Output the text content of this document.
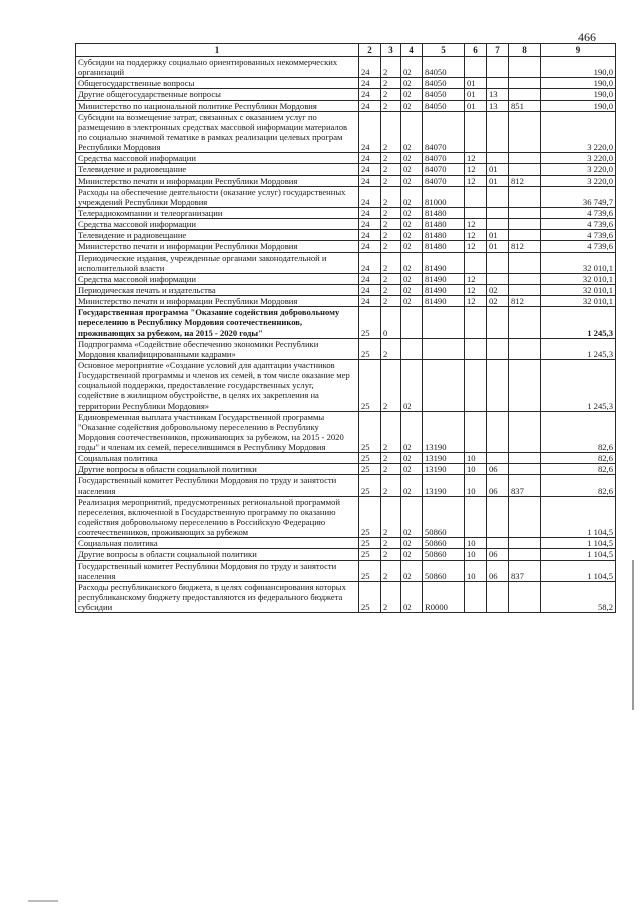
466
1	2	3	4	5	6	7	8	9
Субсидии на поддержку социально ориентированных некоммерческих организаций	24	2	02	84050				190,0
Общегосударственные вопросы	24	2	02	84050	01			190,0
Другие общегосударственные вопросы	24	2	02	84050	01	13		190,0
Министерство по национальной политике Республики Мордовия	24	2	02	84050	01	13	851	190,0
Субсидии на возмещение затрат, связанных с оказанием услуг по размещению в электронных средствах массовой информации материалов по социально значимой тематике в рамках реализации целевых програм Республики Мордовия	24	2	02	84070				3 220,0
Средства массовой информации	24	2	02	84070	12			3 220,0
Телевидение и радиовещание	24	2	02	84070	12	01		3 220,0
Министерство печати и информации Республики Мордовия	24	2	02	84070	12	01	812	3 220,0
Расходы на обеспечение деятельности (оказание услуг) государственных учреждений Республики Мордовия	24	2	02	81000				36 749,7
Телерадиокомпании и телеорганизации	24	2	02	81480				4 739,6
Средства массовой информации	24	2	02	81480	12			4 739,6
Телевидение и радиовещание	24	2	02	81480	12	01		4 739,6
Министерство печати и информации Республики Мордовия	24	2	02	81480	12	01	812	4 739,6
Периодические издания, учрежденные органами законодательной и исполнительной власти	24	2	02	81490				32 010,1
Средства массовой информации	24	2	02	81490	12			32 010,1
Периодическая печать и издательства	24	2	02	81490	12	02		32 010,1
Министерство печати и информации Республики Мордовия	24	2	02	81490	12	02	812	32 010,1
Государственная программа "Оказание содействия добровольному переселению в Республику Мордовия соотечественников, проживающих за рубежом, на 2015 - 2020 годы"	25	0						1 245,3
Подпрограмма «Содействие обеспечению экономики Республики Мордовия квалифицированными кадрами»	25	2						1 245,3
Основное мероприятие «Создание условий для адаптации участников Государственной программы и членов их семей, в том числе оказание мер социальной поддержки, предоставление государственных услуг, содействие в жилищном обустройстве, в целях их закрепления на территории Республики Мордовия»	25	2	02					1 245,3
Единовременная выплата участникам Государственной программы "Оказание содействия добровольному переселению в Республику Мордовия соотечественников, проживающих за рубежом, на 2015 - 2020 годы" и членам их семей, переселившимся в Республику Мордовия	25	2	02	13190				82,6
Социальная политика	25	2	02	13190	10			82,6
Другие вопросы в области социальной политики	25	2	02	13190	10	06		82,6
Государственный комитет Республики Мордовия по труду и занятости населения	25	2	02	13190	10	06	837	82,6
Реализация мероприятий, предусмотренных региональной программой переселения, включенной в Государственную программу по оказанию содействия добровольному переселению в Российскую Федерацию соотечественников, проживающих за рубежом	25	2	02	50860				1 104,5
Социальная политика	25	2	02	50860	10			1 104,5
Другие вопросы в области социальной политики	25	2	02	50860	10	06		1 104,5
Государственный комитет Республики Мордовия по труду и занятости населения	25	2	02	50860	10	06	837	1 104,5
Расходы республиканского бюджета, в целях софинансирования которых республиканскому бюджету предоставляются из федерального бюджета субсидии	25	2	02	R0000				58,2
